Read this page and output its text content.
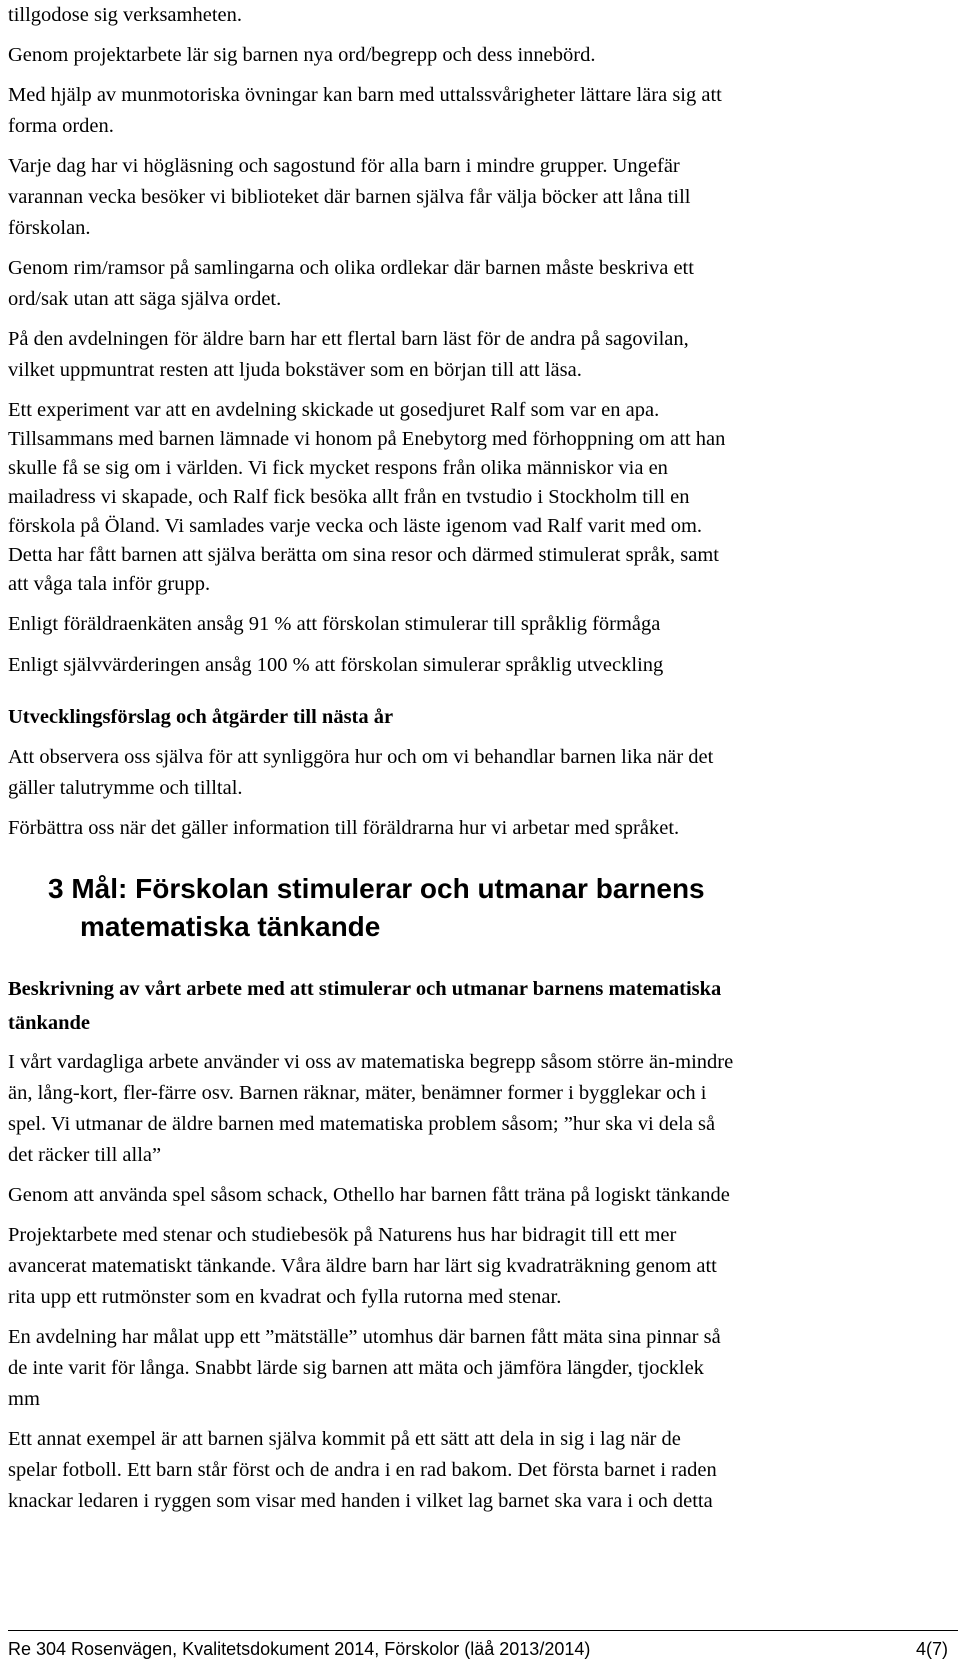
tillgodose sig verksamheten.
Genom projektarbete lär sig barnen nya ord/begrepp och dess innebörd.
Med hjälp av munmotoriska övningar kan barn med uttalssvårigheter lättare lära sig att
forma orden.
Varje dag har vi högläsning och sagostund för alla barn i mindre grupper. Ungefär
varannan vecka besöker vi biblioteket där barnen själva får välja böcker att låna till
förskolan.
Genom rim/ramsor på samlingarna och olika ordlekar där barnen måste beskriva ett
ord/sak utan att säga själva ordet.
På den avdelningen för äldre barn har ett flertal barn läst för de andra på sagovilan,
vilket uppmuntrat resten att ljuda bokstäver som en början till att läsa.
Ett experiment var att en avdelning skickade ut gosedjuret Ralf som var en apa.
Tillsammans med barnen lämnade vi honom på Enebytorg med förhoppning om att han
skulle få se sig om i världen. Vi fick mycket respons från olika människor via en
mailadress vi skapade, och Ralf fick besöka allt från en tvstudio i Stockholm till en
förskola på Öland. Vi samlades varje vecka och läste igenom vad Ralf varit med om.
Detta har fått barnen att själva berätta om sina resor och därmed stimulerat språk, samt
att våga tala inför grupp.
Enligt föräldraenkäten ansåg 91 % att förskolan stimulerar till språklig förmåga
Enligt självvärderingen ansåg 100 % att förskolan simulerar språklig utveckling
Utvecklingsförslag och åtgärder till nästa år
Att observera oss själva för att synliggöra hur och om vi behandlar barnen lika när det
gäller talutrymme och tilltal.
Förbättra oss när det gäller information till föräldrarna hur vi arbetar med språket.
3 Mål: Förskolan stimulerar och utmanar barnens
matematiska tänkande
Beskrivning av vårt arbete med att stimulerar och utmanar barnens matematiska
tänkande
I vårt vardagliga arbete använder vi oss av matematiska begrepp såsom större än-mindre
än, lång-kort, fler-färre osv. Barnen räknar, mäter, benämner former i bygglekar och i
spel. Vi utmanar de äldre barnen med matematiska problem såsom; ”hur ska vi dela så
det räcker till alla”
Genom att använda spel såsom schack, Othello har barnen fått träna på logiskt tänkande
Projektarbete med stenar och studiebesök på Naturens hus har bidragit till ett mer
avancerat matematiskt tänkande. Våra äldre barn har lärt sig kvadraträkning genom att
rita upp ett rutmönster som en kvadrat och fylla rutorna med stenar.
En avdelning har målat upp ett ”mätställe” utomhus där barnen fått mäta sina pinnar så
de inte varit för långa. Snabbt lärde sig barnen att mäta och jämföra längder, tjocklek
mm
Ett annat exempel är att barnen själva kommit på ett sätt att dela in sig i lag när de
spelar fotboll. Ett barn står först och de andra i en rad bakom. Det första barnet i raden
knackar ledaren i ryggen som visar med handen i vilket lag barnet ska vara i och detta
Re 304 Rosenvägen, Kvalitetsdokument 2014, Förskolor (läå 2013/2014)	4(7)
